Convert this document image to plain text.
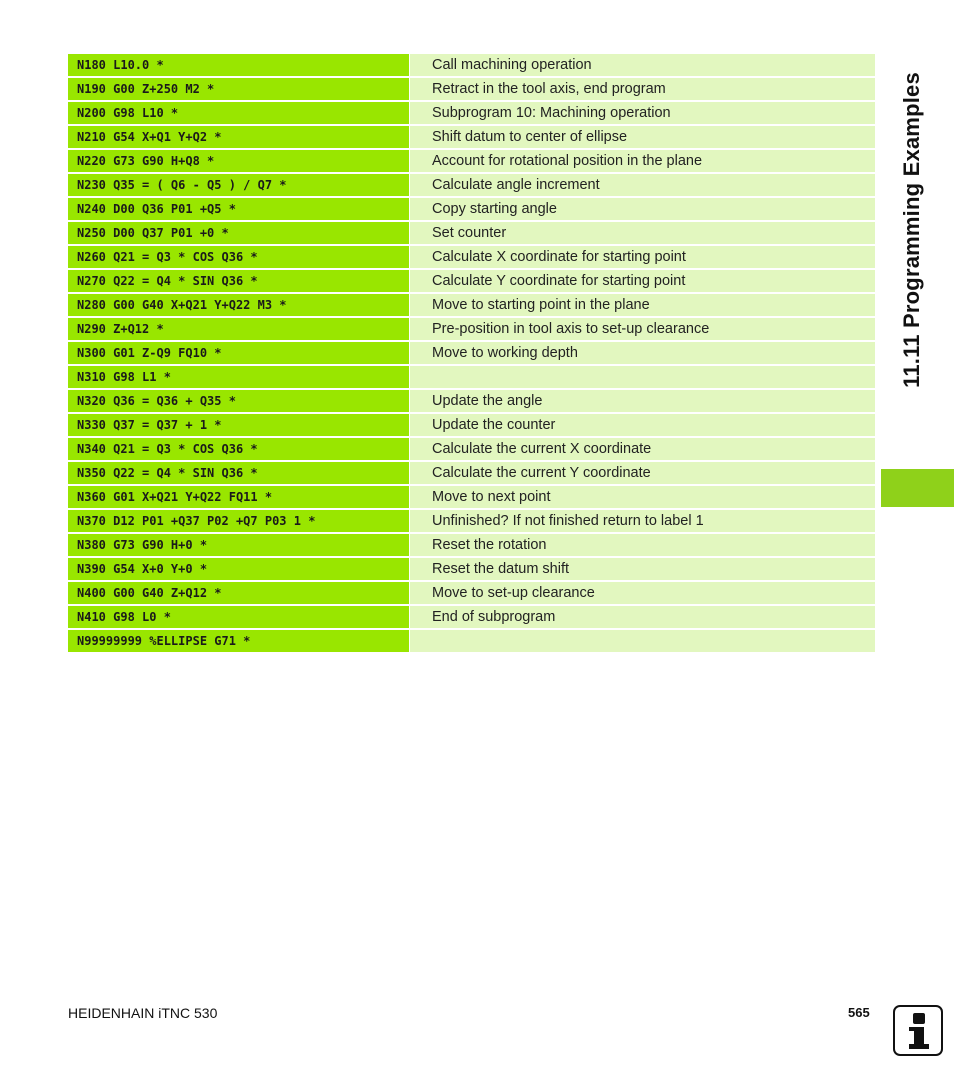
N180 L10.0 *	Call machining operation
N190 G00 Z+250 M2 *	Retract in the tool axis, end program
N200 G98 L10 *	Subprogram 10: Machining operation
N210 G54 X+Q1 Y+Q2 *	Shift datum to center of ellipse
N220 G73 G90 H+Q8 *	Account for rotational position in the plane
N230 Q35 = ( Q6 - Q5 ) / Q7 *	Calculate angle increment
N240 D00 Q36 P01 +Q5 *	Copy starting angle
N250 D00 Q37 P01 +0 *	Set counter
N260 Q21 = Q3 * COS Q36 *	Calculate X coordinate for starting point
N270 Q22 = Q4 * SIN Q36 *	Calculate Y coordinate for starting point
N280 G00 G40 X+Q21 Y+Q22 M3 *	Move to starting point in the plane
N290 Z+Q12 *	Pre-position in tool axis to set-up clearance
N300 G01 Z-Q9 FQ10 *	Move to working depth
N310 G98 L1 *
N320 Q36 = Q36 + Q35 *	Update the angle
N330 Q37 = Q37 + 1 *	Update the counter
N340 Q21 = Q3 * COS Q36 *	Calculate the current X coordinate
N350 Q22 = Q4 * SIN Q36 *	Calculate the current Y coordinate
N360 G01 X+Q21 Y+Q22 FQ11 *	Move to next point
N370 D12 P01 +Q37 P02 +Q7 P03 1 *	Unfinished? If not finished return to label 1
N380 G73 G90 H+0 *	Reset the rotation
N390 G54 X+0 Y+0 *	Reset the datum shift
N400 G00 G40 Z+Q12 *	Move to set-up clearance
N410 G98 L0 *	End of subprogram
N99999999 %ELLIPSE G71 *
11.11 Programming Examples
HEIDENHAIN iTNC 530	565
